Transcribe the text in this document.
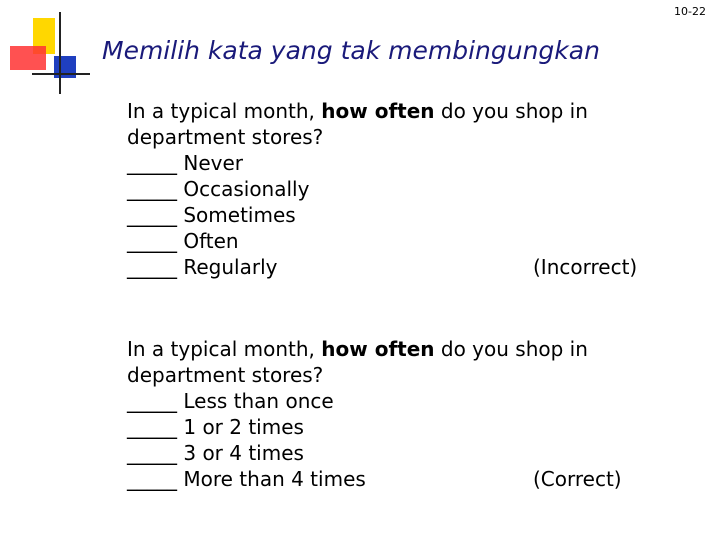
10-22
Memilih kata yang tak membingungkan
In a typical month, how often do you shop in
department stores?
_____ Never
_____ Occasionally
_____ Sometimes
_____ Often
_____ Regularly	(Incorrect)
In a typical month, how often do you shop in
department stores?
_____ Less than once
_____ 1 or 2 times
_____ 3 or 4 times
_____ More than 4 times	(Correct)
